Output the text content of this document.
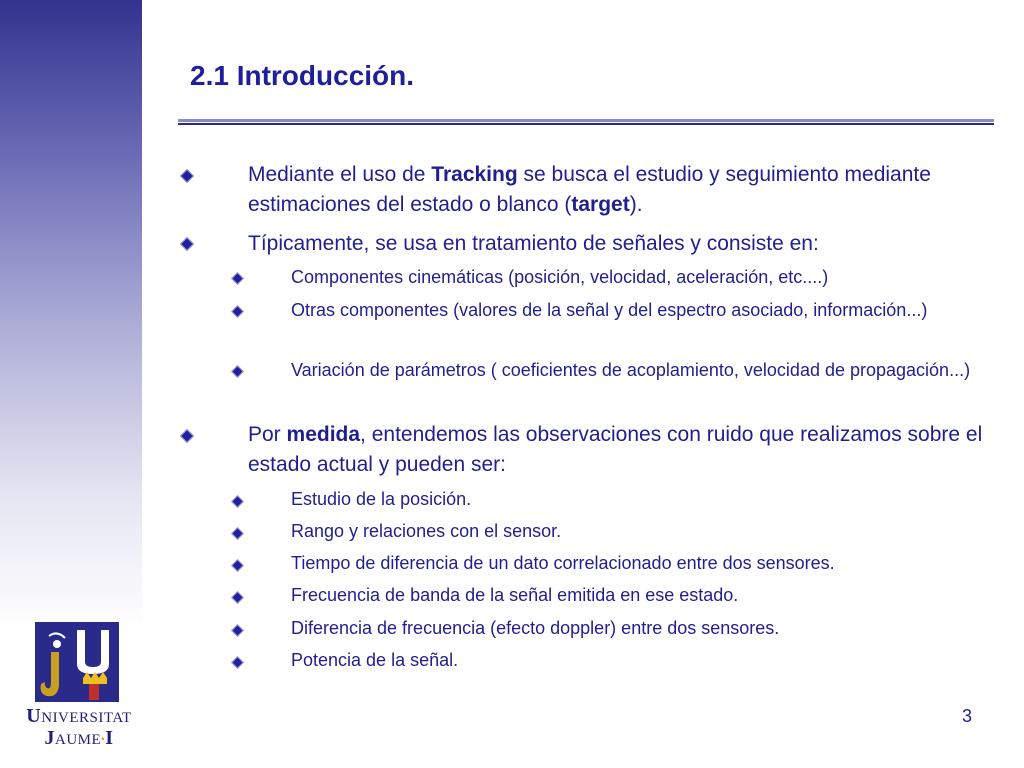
2.1 Introducción.

Mediante el uso de Tracking se busca el estudio y seguimiento mediante estimaciones del estado o blanco (target).

Típicamente, se usa en tratamiento de señales y consiste en:

Componentes cinemáticas (posición, velocidad, aceleración, etc....)

Otras componentes (valores de la señal y del espectro asociado, información...)

Variación de parámetros ( coeficientes de acoplamiento, velocidad de propagación...)

Por medida, entendemos las observaciones con ruido que realizamos sobre el estado actual y pueden ser:

Estudio de la posición.

Rango y relaciones con el sensor.

Tiempo de diferencia de un dato correlacionado entre dos sensores.

Frecuencia de banda de la señal emitida en ese estado.

Diferencia de frecuencia (efecto doppler) entre dos sensores.

Potencia de la señal.

UNIVERSITAT
JAUME•I
3
